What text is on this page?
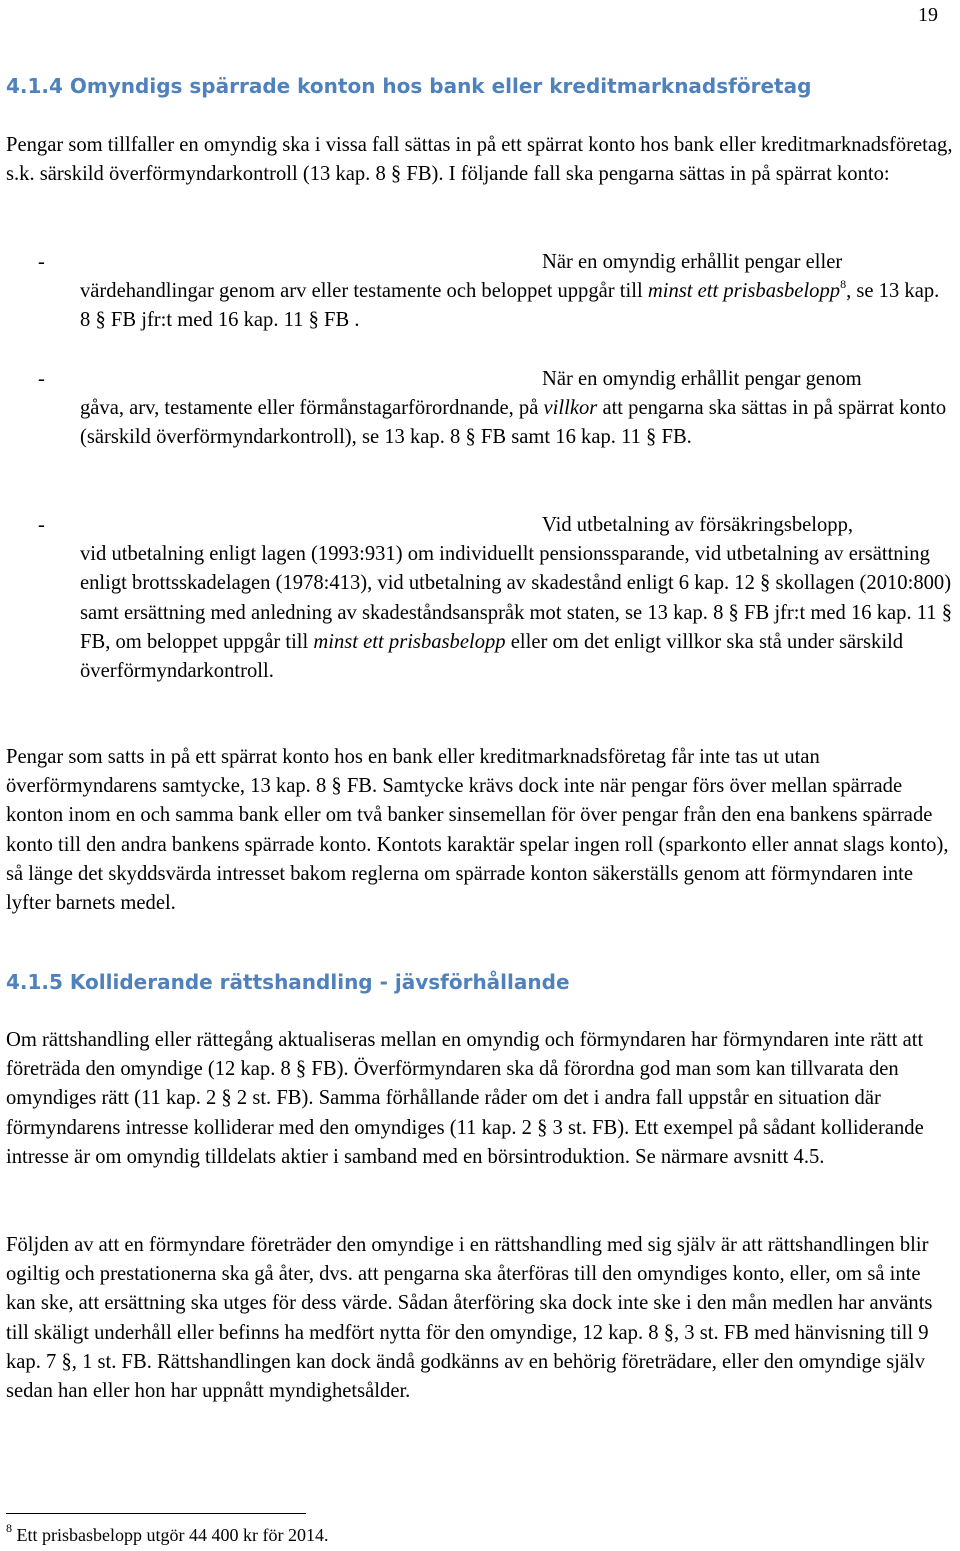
19
4.1.4 Omyndigs spärrade konton hos bank eller kreditmarknadsföretag

Pengar som tillfaller en omyndig ska i vissa fall sättas in på ett spärrat konto hos bank eller kreditmarknadsföretag, s.k. särskild överförmyndarkontroll (13 kap. 8 § FB). I följande fall ska pengarna sättas in på spärrat konto:

-	När en omyndig erhållit pengar eller
värdehandlingar genom arv eller testamente och beloppet uppgår till minst ett prisbasbelopp$^8$, se 13 kap. 8 § FB jfr:t med 16 kap. 11 § FB .

-	När en omyndig erhållit pengar genom
gåva, arv, testamente eller förmånstagarförordnande, på villkor att pengarna ska sättas in på spärrat konto (särskild överförmyndarkontroll), se 13 kap. 8 § FB samt 16 kap. 11 § FB.

-	Vid utbetalning av försäkringsbelopp,
vid utbetalning enligt lagen (1993:931) om individuellt pensionssparande, vid utbetalning av ersättning enligt brottsskadelagen (1978:413), vid utbetalning av skadestånd enligt 6 kap. 12 § skollagen (2010:800) samt ersättning med anledning av skadeståndsanspråk mot staten, se 13 kap. 8 § FB jfr:t med 16 kap. 11 § FB, om beloppet uppgår till minst ett prisbasbelopp eller om det enligt villkor ska stå under särskild överförmyndarkontroll.

Pengar som satts in på ett spärrat konto hos en bank eller kreditmarknadsföretag får inte tas ut utan överförmyndarens samtycke, 13 kap. 8 § FB. Samtycke krävs dock inte när pengar förs över mellan spärrade konton inom en och samma bank eller om två banker sinsemellan för över pengar från den ena bankens spärrade konto till den andra bankens spärrade konto. Kontots karaktär spelar ingen roll (sparkonto eller annat slags konto), så länge det skyddsvärda intresset bakom reglerna om spärrade konton säkerställs genom att förmyndaren inte lyfter barnets medel.

4.1.5 Kolliderande rättshandling - jävsförhållande

Om rättshandling eller rättegång aktualiseras mellan en omyndig och förmyndaren har förmyndaren inte rätt att företräda den omyndige (12 kap. 8 § FB). Överförmyndaren ska då förordna god man som kan tillvarata den omyndiges rätt (11 kap. 2 § 2 st. FB). Samma förhållande råder om det i andra fall uppstår en situation där förmyndarens intresse kolliderar med den omyndiges (11 kap. 2 § 3 st. FB). Ett exempel på sådant kolliderande intresse är om omyndig tilldelats aktier i samband med en börsintroduktion. Se närmare avsnitt 4.5.

Följden av att en förmyndare företräder den omyndige i en rättshandling med sig själv är att rättshandlingen blir ogiltig och prestationerna ska gå åter, dvs. att pengarna ska återföras till den omyndiges konto, eller, om så inte kan ske, att ersättning ska utges för dess värde. Sådan återföring ska dock inte ske i den mån medlen har använts till skäligt underhåll eller befinns ha medfört nytta för den omyndige, 12 kap. 8 §, 3 st. FB med hänvisning till 9 kap. 7 §, 1 st. FB. Rättshandlingen kan dock ändå godkänns av en behörig företrädare, eller den omyndige själv sedan han eller hon har uppnått myndighetsålder.

$^8$ Ett prisbasbelopp utgör 44 400 kr för 2014.
